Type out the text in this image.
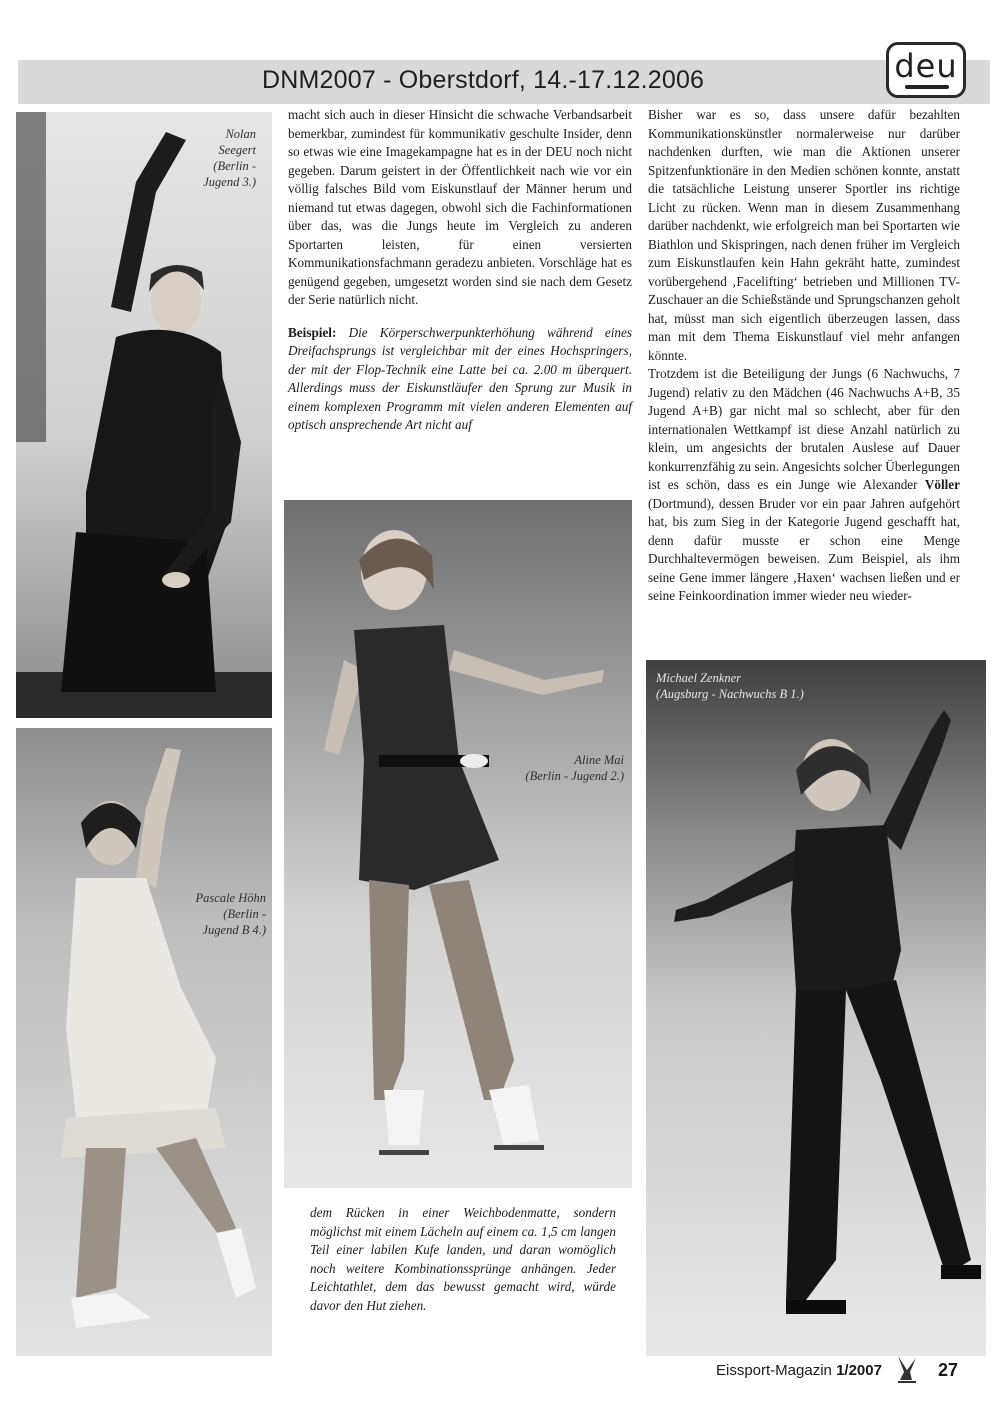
DNM2007 - Oberstdorf, 14.-17.12.2006	deu
Nolan
Seegert
(Berlin -
Jugend 3.)
Pascale Höhn
(Berlin -
Jugend B 4.)

macht sich auch in dieser Hinsicht die schwache Verbandsarbeit bemerkbar, zumindest für kommunikativ geschulte Insider, denn so etwas wie eine Imagekampagne hat es in der DEU noch nicht gegeben. Darum geistert in der Öffentlichkeit nach wie vor ein völlig falsches Bild vom Eiskunstlauf der Männer herum und niemand tut etwas dagegen, obwohl sich die Fachinformationen über das, was die Jungs heute im Vergleich zu anderen Sportarten leisten, für einen versierten Kommunikationsfachmann geradezu anbieten. Vorschläge hat es genügend gegeben, umgesetzt worden sind sie nach dem Gesetz der Serie natürlich nicht.

Beispiel: Die Körperschwerpunkterhöhung während eines Dreifachsprungs ist vergleichbar mit der eines Hochspringers, der mit der Flop-Technik eine Latte bei ca. 2.00 m überquert. Allerdings muss der Eiskunstläufer den Sprung zur Musik in einem komplexen Programm mit vielen anderen Elementen auf optisch ansprechende Art nicht auf

Aline Mai
(Berlin - Jugend 2.)

dem Rücken in einer Weichbodenmatte, sondern möglichst mit einem Lächeln auf einem ca. 1,5 cm langen Teil einer labilen Kufe landen, und daran womöglich noch weitere Kombinationssprünge anhängen. Jeder Leichtathlet, dem das bewusst gemacht wird, würde davor den Hut ziehen.

Bisher war es so, dass unsere dafür bezahlten Kommunikationskünstler normalerweise nur darüber nachdenken durften, wie man die Aktionen unserer Spitzenfunktionäre in den Medien schönen konnte, anstatt die tatsächliche Leistung unserer Sportler ins richtige Licht zu rücken. Wenn man in diesem Zusammenhang darüber nachdenkt, wie erfolgreich man bei Sportarten wie Biathlon und Skispringen, nach denen früher im Vergleich zum Eiskunstlaufen kein Hahn gekräht hatte, zumindest vorübergehend ‚Facelifting‘ betrieben und Millionen TV-Zuschauer an die Schießstände und Sprungschanzen geholt hat, müsst man sich eigentlich überzeugen lassen, dass man mit dem Thema Eiskunstlauf viel mehr anfangen könnte.

Trotzdem ist die Beteiligung der Jungs (6 Nachwuchs, 7 Jugend) relativ zu den Mädchen (46 Nachwuchs A+B, 35 Jugend A+B) gar nicht mal so schlecht, aber für den internationalen Wettkampf ist diese Anzahl natürlich zu klein, um angesichts der brutalen Auslese auf Dauer konkurrenzfähig zu sein. Angesichts solcher Überlegungen ist es schön, dass es ein Junge wie Alexander Völler (Dortmund), dessen Bruder vor ein paar Jahren aufgehört hat, bis zum Sieg in der Kategorie Jugend geschafft hat, denn dafür musste er schon eine Menge Durchhaltevermögen beweisen. Zum Beispiel, als ihm seine Gene immer längere ‚Haxen‘ wachsen ließen und er seine Feinkoordination immer wieder neu wieder-

Michael Zenkner
(Augsburg - Nachwuchs B 1.)
Eissport-Magazin 1/2007	27
